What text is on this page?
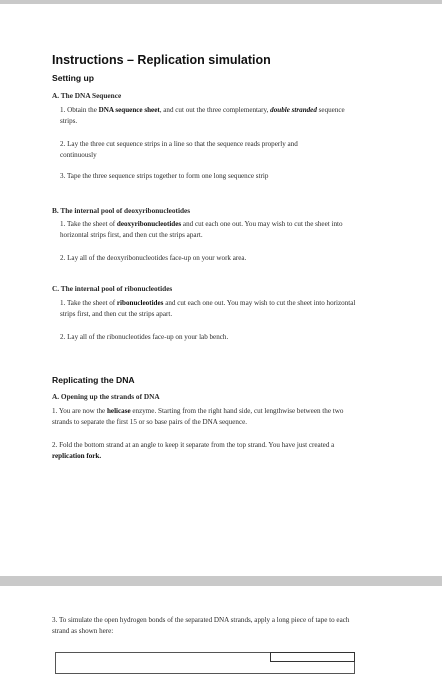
Instructions – Replication simulation
Setting up
A. The DNA Sequence
1. Obtain the DNA sequence sheet, and cut out the three complementary, double stranded sequence strips.
2. Lay the three cut sequence strips in a line so that the sequence reads properly and continuously
3. Tape the three sequence strips together to form one long sequence strip
B. The internal pool of deoxyribonucleotides
1. Take the sheet of deoxyribonucleotides and cut each one out. You may wish to cut the sheet into horizontal strips first, and then cut the strips apart.
2. Lay all of the deoxyribonucleotides face-up on your work area.
C. The internal pool of ribonucleotides
1. Take the sheet of ribonucleotides and cut each one out. You may wish to cut the sheet into horizontal strips first, and then cut the strips apart.
2. Lay all of the ribonucleotides face-up on your lab bench.
Replicating the DNA
A. Opening up the strands of DNA
1. You are now the helicase enzyme. Starting from the right hand side, cut lengthwise between the two strands to separate the first 15 or so base pairs of the DNA sequence.
2. Fold the bottom strand at an angle to keep it separate from the top strand. You have just created a replication fork.
3. To simulate the open hydrogen bonds of the separated DNA strands, apply a long piece of tape to each strand as shown here:
